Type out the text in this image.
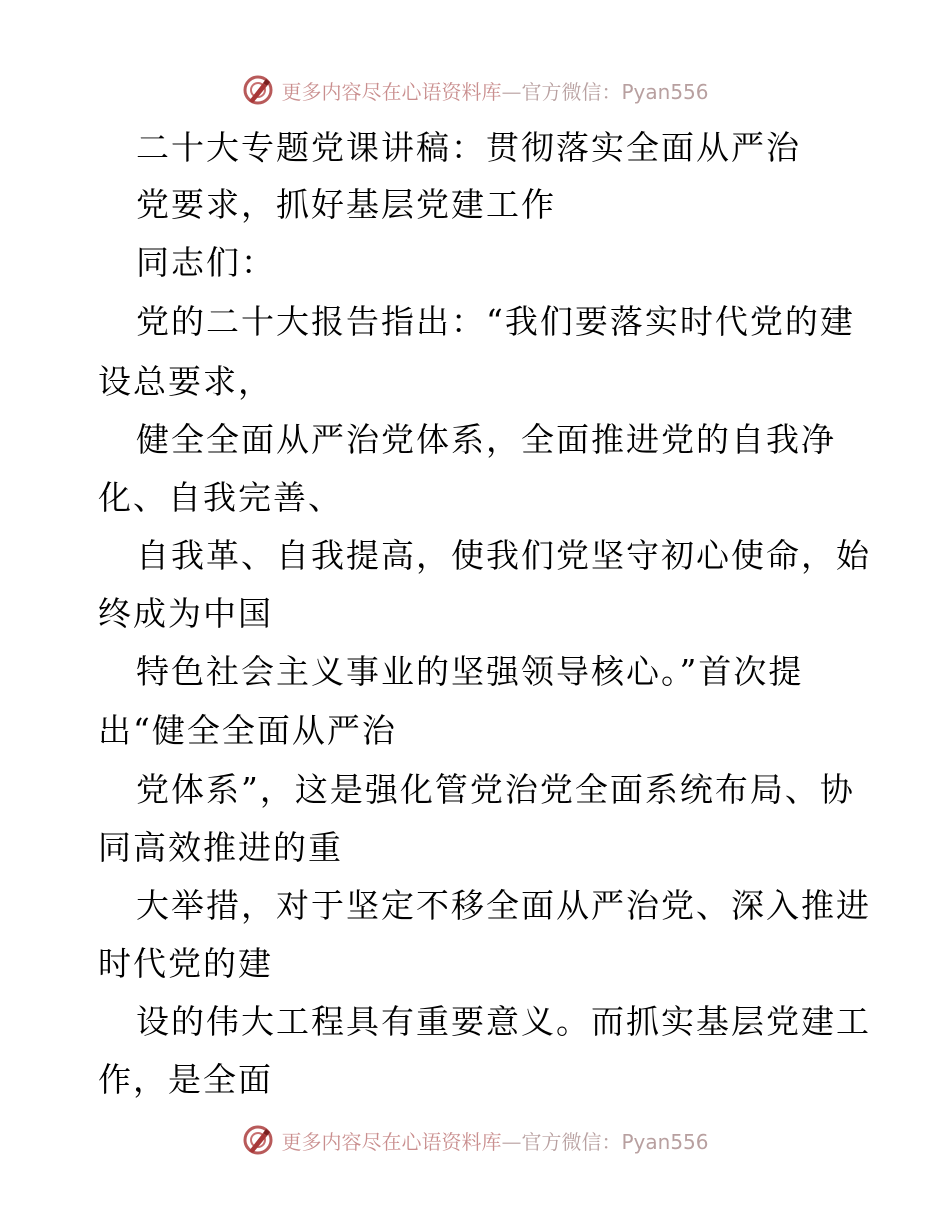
更多内容尽在心语资料库—官方微信：Pyan556
二十大专题党课讲稿：贯彻落实全面从严治
党要求，抓好基层党建工作
同志们：
党的二十大报告指出：“我们要落实时代党的建
设总要求，
健全全面从严治党体系，全面推进党的自我净
化、自我完善、
自我革、自我提高，使我们党坚守初心使命，始
终成为中国
特色社会主义事业的坚强领导核心。”首次提
出“健全全面从严治
党体系”，这是强化管党治党全面系统布局、协
同高效推进的重
大举措，对于坚定不移全面从严治党、深入推进
时代党的建
设的伟大工程具有重要意义。而抓实基层党建工
作，是全面
更多内容尽在心语资料库—官方微信：Pyan556
